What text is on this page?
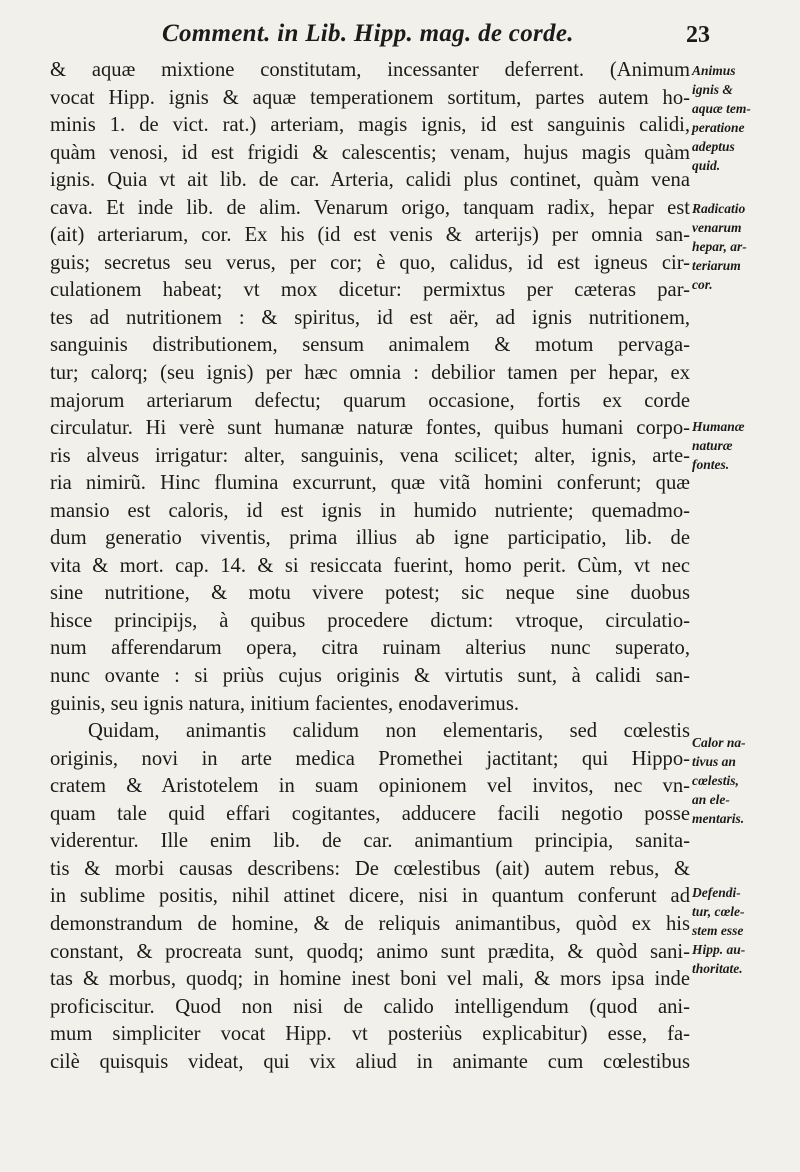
Comment. in Lib. Hipp. mag. de corde.	23
& aquæ mixtione constitutam, incessanter deferrent. (Animum
vocat Hipp. ignis & aquæ temperationem sortitum, partes autem ho-
minis 1. de vict. rat.) arteriam, magis ignis, id est sanguinis calidi,
quàm venosi, id est frigidi & calescentis; venam, hujus magis quàm
ignis. Quia vt ait lib. de car. Arteria, calidi plus continet, quàm vena
cava. Et inde lib. de alim. Venarum origo, tanquam radix, hepar est
(ait) arteriarum, cor. Ex his (id est venis & arterijs) per omnia san-
guis; secretus seu verus, per cor; è quo, calidus, id est igneus cir-
culationem habeat; vt mox dicetur: permixtus per cæteras par-
tes ad nutritionem : & spiritus, id est aër, ad ignis nutritionem,
sanguinis distributionem, sensum animalem & motum pervaga-
tur; calorq; (seu ignis) per hæc omnia : debilior tamen per hepar, ex
majorum arteriarum defectu; quarum occasione, fortis ex corde
circulatur. Hi verè sunt humanæ naturæ fontes, quibus humani corpo-
ris alveus irrigatur: alter, sanguinis, vena scilicet; alter, ignis, arte-
ria nimirũ. Hinc flumina excurrunt, quæ vitã homini conferunt; quæ
mansio est caloris, id est ignis in humido nutriente; quemadmo-
dum generatio viventis, prima illius ab igne participatio, lib. de
vita & mort. cap. 14. & si resiccata fuerint, homo perit. Cùm, vt nec
sine nutritione, & motu vivere potest; sic neque sine duobus
hisce principijs, à quibus procedere dictum: vtroque, circulatio-
num afferendarum opera, citra ruinam alterius nunc superato,
nunc ovante : si priùs cujus originis & virtutis sunt, à calidi san-
guinis, seu ignis natura, initium facientes, enodaverimus.
Quidam, animantis calidum non elementaris, sed cœlestis
originis, novi in arte medica Promethei jactitant; qui Hippo-
cratem & Aristotelem in suam opinionem vel invitos, nec vn-
quam tale quid effari cogitantes, adducere facili negotio posse
viderentur. Ille enim lib. de car. animantium principia, sanita-
tis & morbi causas describens: De cœlestibus (ait) autem rebus, &
in sublime positis, nihil attinet dicere, nisi in quantum conferunt ad
demonstrandum de homine, & de reliquis animantibus, quòd ex his
constant, & procreata sunt, quodq; animo sunt prædita, & quòd sani-
tas & morbus, quodq; in homine inest boni vel mali, & mors ipsa inde
proficiscitur. Quod non nisi de calido intelligendum (quod ani-
mum simpliciter vocat Hipp. vt posteriùs explicabitur) esse, fa-
cilè quisquis videat, qui vix aliud in animante cum cœlestibus
Animus
ignis &
aquæ tem-
peratione
adeptus
quid.
Radicatio
venarum
hepar, ar-
teriarum
cor.
Humanæ
naturæ
fontes.
Calor na-
tivus an
cœlestis,
an ele-
mentaris.
Defendi-
tur, cœle-
stem esse
Hipp. au-
thoritate.
